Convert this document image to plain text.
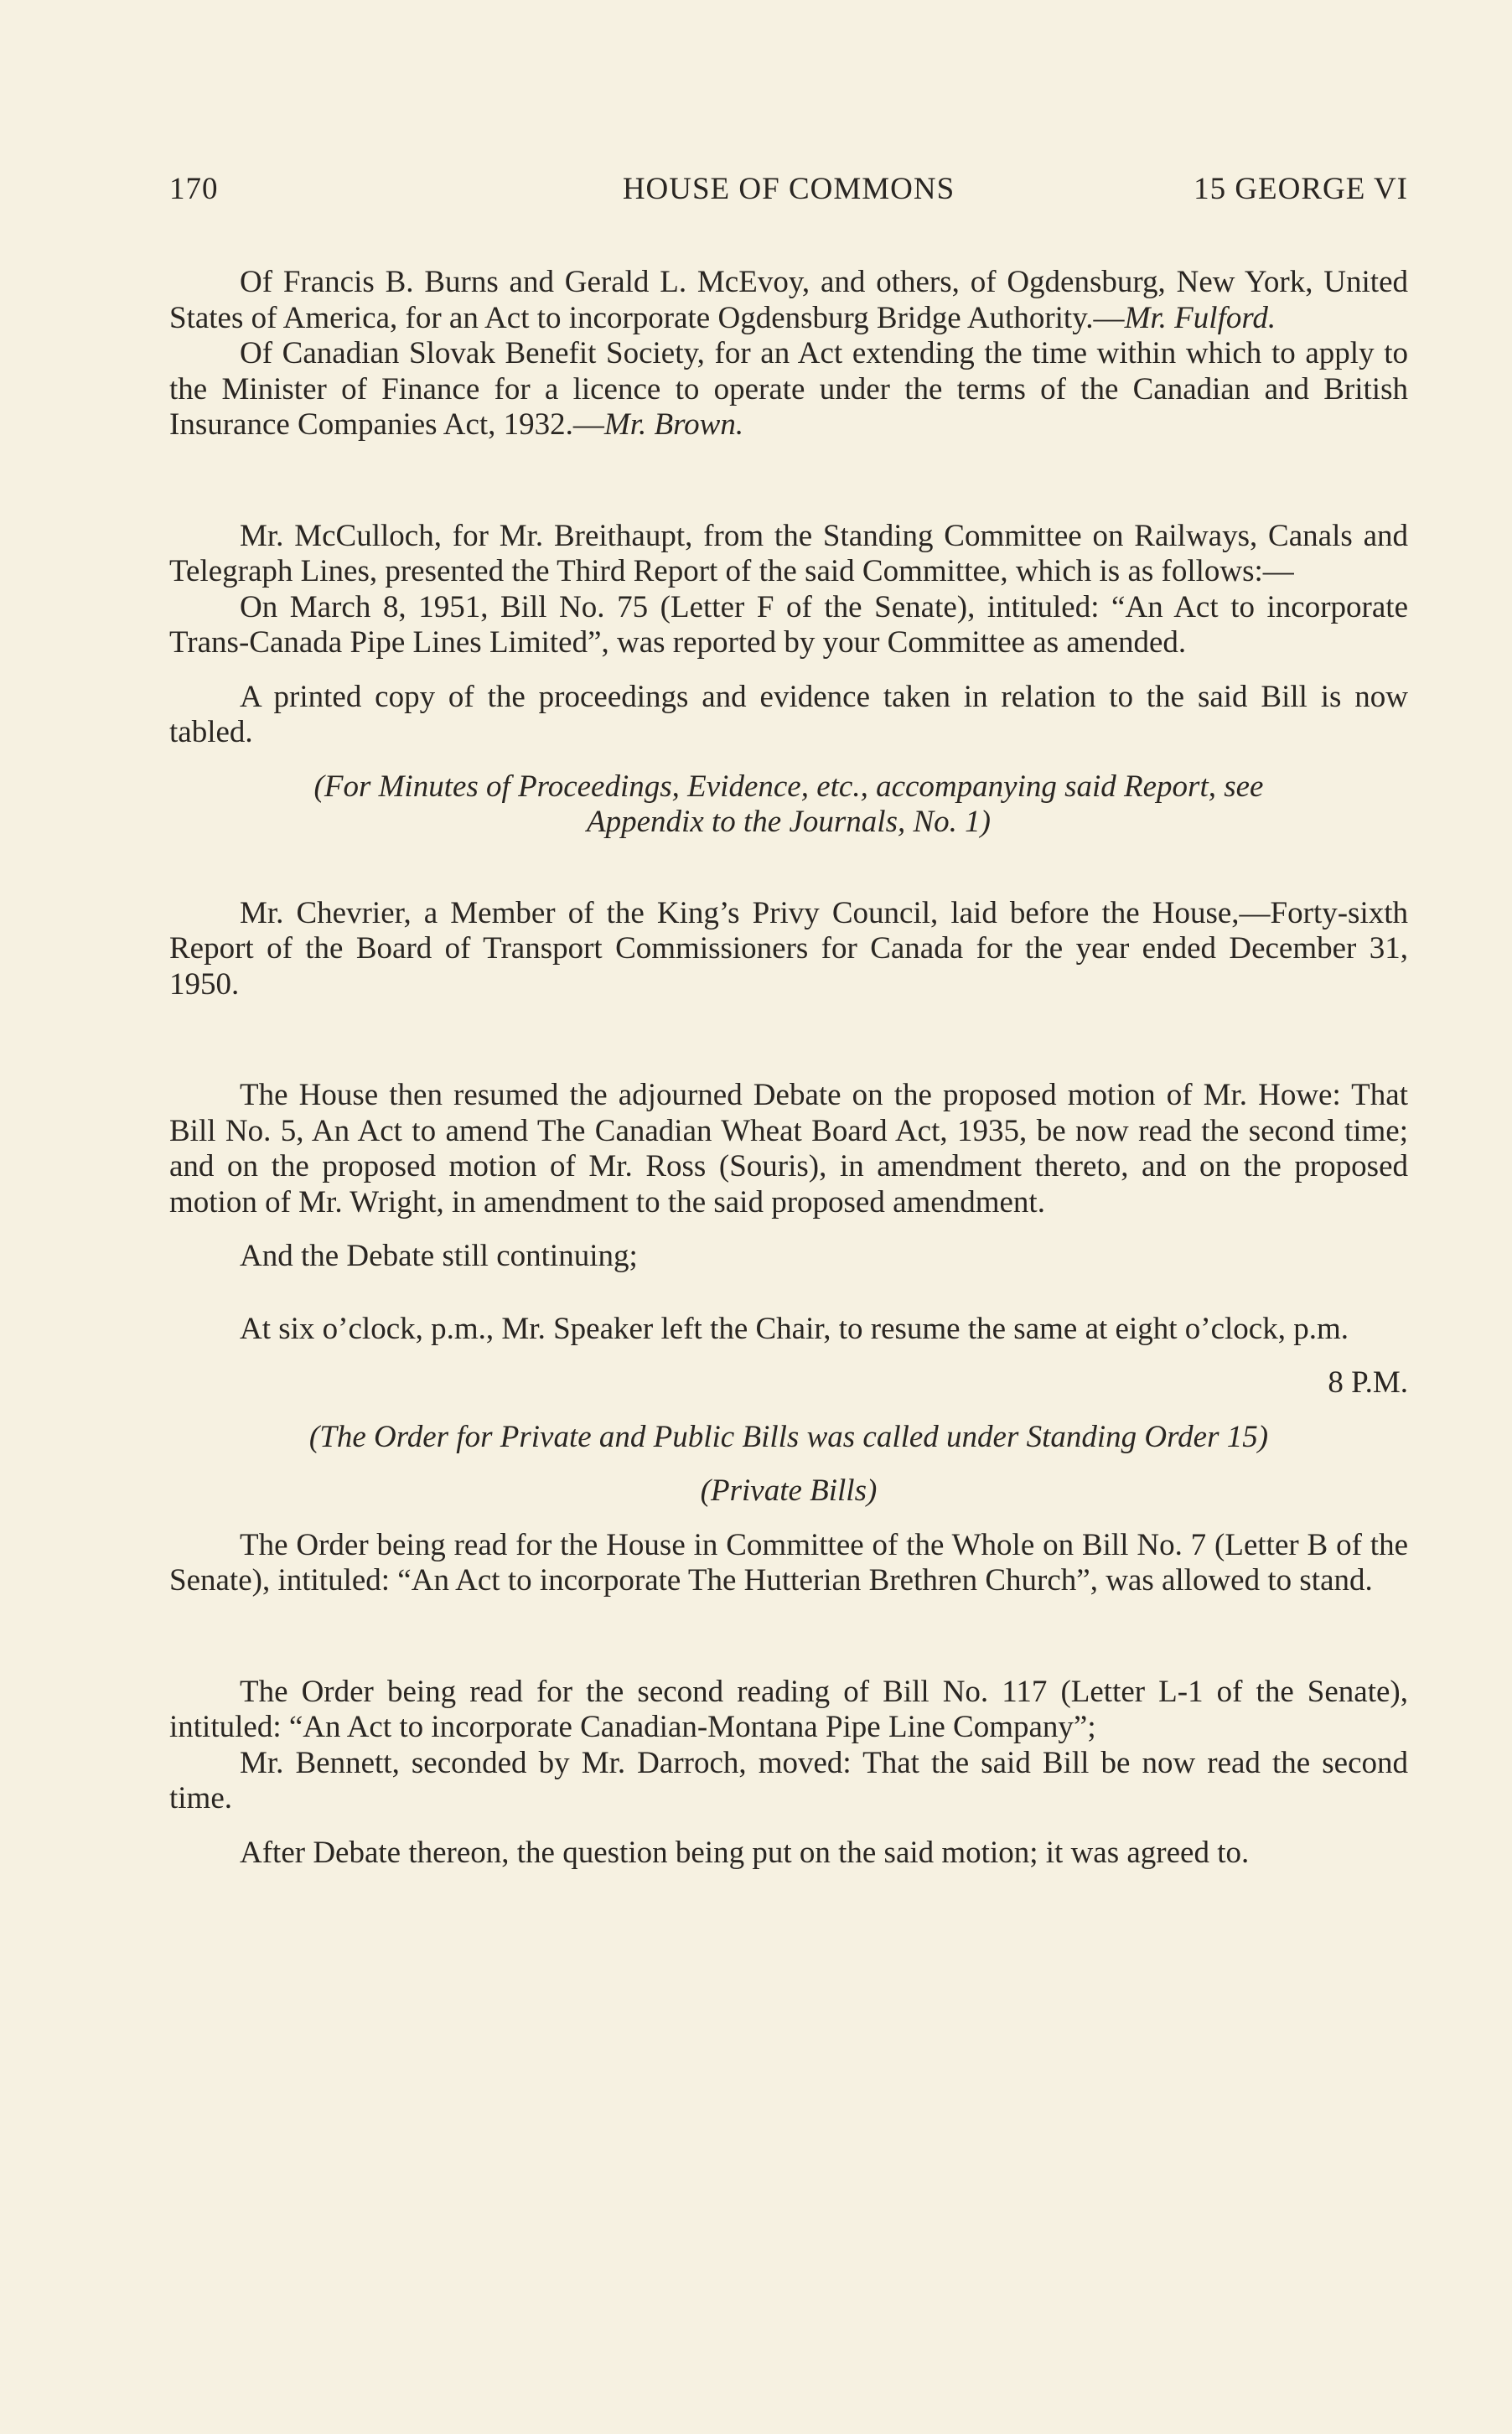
170	HOUSE OF COMMONS	15 GEORGE VI

Of Francis B. Burns and Gerald L. McEvoy, and others, of Ogdensburg, New York, United States of America, for an Act to incorporate Ogdensburg Bridge Authority.—Mr. Fulford.

Of Canadian Slovak Benefit Society, for an Act extending the time within which to apply to the Minister of Finance for a licence to operate under the terms of the Canadian and British Insurance Companies Act, 1932.—Mr. Brown.

Mr. McCulloch, for Mr. Breithaupt, from the Standing Committee on Railways, Canals and Telegraph Lines, presented the Third Report of the said Committee, which is as follows:—

On March 8, 1951, Bill No. 75 (Letter F of the Senate), intituled: “An Act to incorporate Trans-Canada Pipe Lines Limited”, was reported by your Committee as amended.

A printed copy of the proceedings and evidence taken in relation to the said Bill is now tabled.

(For Minutes of Proceedings, Evidence, etc., accompanying said Report, see

Appendix to the Journals, No. 1)

Mr. Chevrier, a Member of the King’s Privy Council, laid before the House,—Forty-sixth Report of the Board of Transport Commissioners for Canada for the year ended December 31, 1950.

The House then resumed the adjourned Debate on the proposed motion of Mr. Howe: That Bill No. 5, An Act to amend The Canadian Wheat Board Act, 1935, be now read the second time; and on the proposed motion of Mr. Ross (Souris), in amendment thereto, and on the proposed motion of Mr. Wright, in amendment to the said proposed amendment.

And the Debate still continuing;

At six o’clock, p.m., Mr. Speaker left the Chair, to resume the same at eight o’clock, p.m.

8 P.M.

(The Order for Private and Public Bills was called under Standing Order 15)

(Private Bills)

The Order being read for the House in Committee of the Whole on Bill No. 7 (Letter B of the Senate), intituled: “An Act to incorporate The Hutterian Brethren Church”, was allowed to stand.

The Order being read for the second reading of Bill No. 117 (Letter L-1 of the Senate), intituled: “An Act to incorporate Canadian-Montana Pipe Line Company”;

Mr. Bennett, seconded by Mr. Darroch, moved: That the said Bill be now read the second time.

After Debate thereon, the question being put on the said motion; it was agreed to.
